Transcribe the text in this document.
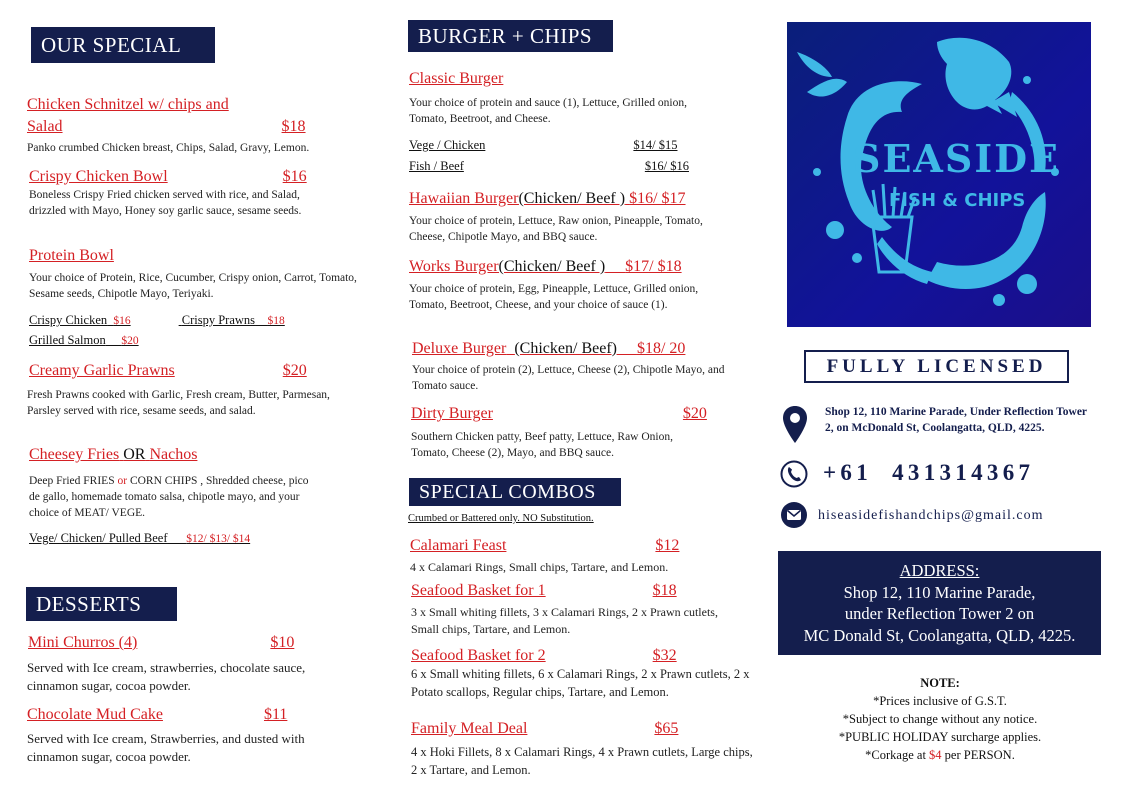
OUR SPECIAL
Chicken Schnitzel w/ chips and
Salad	$18
Panko crumbed Chicken breast, Chips, Salad, Gravy, Lemon.
Crispy Chicken Bowl	$16
Boneless Crispy Fried chicken served with rice, and Salad, drizzled with Mayo, Honey soy garlic sauce, sesame seeds.
Protein Bowl
Your choice of Protein, Rice, Cucumber, Crispy onion, Carrot, Tomato, Sesame seeds, Chipotle Mayo, Teriyaki.
Crispy Chicken $16	Crispy Prawns $18
Grilled Salmon $20
Creamy Garlic Prawns	$20
Fresh Prawns cooked with Garlic, Fresh cream, Butter, Parmesan, Parsley served with rice, sesame seeds, and salad.
Cheesey Fries OR Nachos
Deep Fried FRIES or CORN CHIPS , Shredded cheese, pico de gallo, homemade tomato salsa, chipotle mayo, and your choice of MEAT/ VEGE.
Vege/ Chicken/ Pulled Beef $12/ $13/ $14
DESSERTS
Mini Churros (4)	$10
Served with Ice cream, strawberries, chocolate sauce, cinnamon sugar, cocoa powder.
Chocolate Mud Cake	$11
Served with Ice cream, Strawberries, and dusted with cinnamon sugar, cocoa powder.
BURGER + CHIPS
Classic Burger
Your choice of protein and sauce (1), Lettuce, Grilled onion, Tomato, Beetroot, and Cheese.
Vege / Chicken	$14/ $15
Fish / Beef	$16/ $16
Hawaiian Burger(Chicken/ Beef ) $16/ $17
Your choice of protein, Lettuce, Raw onion, Pineapple, Tomato, Cheese, Chipotle Mayo, and BBQ sauce.
Works Burger(Chicken/ Beef ) $17/ $18
Your choice of protein, Egg, Pineapple, Lettuce, Grilled onion, Tomato, Beetroot, Cheese, and your choice of sauce (1).
Deluxe Burger (Chicken/ Beef) $18/ 20
Your choice of protein (2), Lettuce, Cheese (2), Chipotle Mayo, and Tomato sauce.
Dirty Burger	$20
Southern Chicken patty, Beef patty, Lettuce, Raw Onion, Tomato, Cheese (2), Mayo, and BBQ sauce.
SPECIAL COMBOS
Crumbed or Battered only. NO Substitution.
Calamari Feast	$12
4 x Calamari Rings, Small chips, Tartare, and Lemon.
Seafood Basket for 1	$18
3 x Small whiting fillets, 3 x Calamari Rings, 2 x Prawn cutlets, Small chips, Tartare, and Lemon.
Seafood Basket for 2	$32
6 x Small whiting fillets, 6 x Calamari Rings, 2 x Prawn cutlets, 2 x Potato scallops, Regular chips, Tartare, and Lemon.
Family Meal Deal	$65
4 x Hoki Fillets, 8 x Calamari Rings, 4 x Prawn cutlets, Large chips, 2 x Tartare, and Lemon.
SEASIDE
FISH & CHIPS
FULLY LICENSED
Shop 12, 110 Marine Parade, Under Reflection Tower 2, on McDonald St, Coolangatta, QLD, 4225.
+61  431314367
hiseasidefishandchips@gmail.com
ADDRESS:
Shop 12, 110 Marine Parade,
under Reflection Tower 2 on
MC Donald St, Coolangatta, QLD, 4225.
NOTE:
*Prices inclusive of G.S.T.
*Subject to change without any notice.
*PUBLIC HOLIDAY surcharge applies.
*Corkage at $4 per PERSON.
